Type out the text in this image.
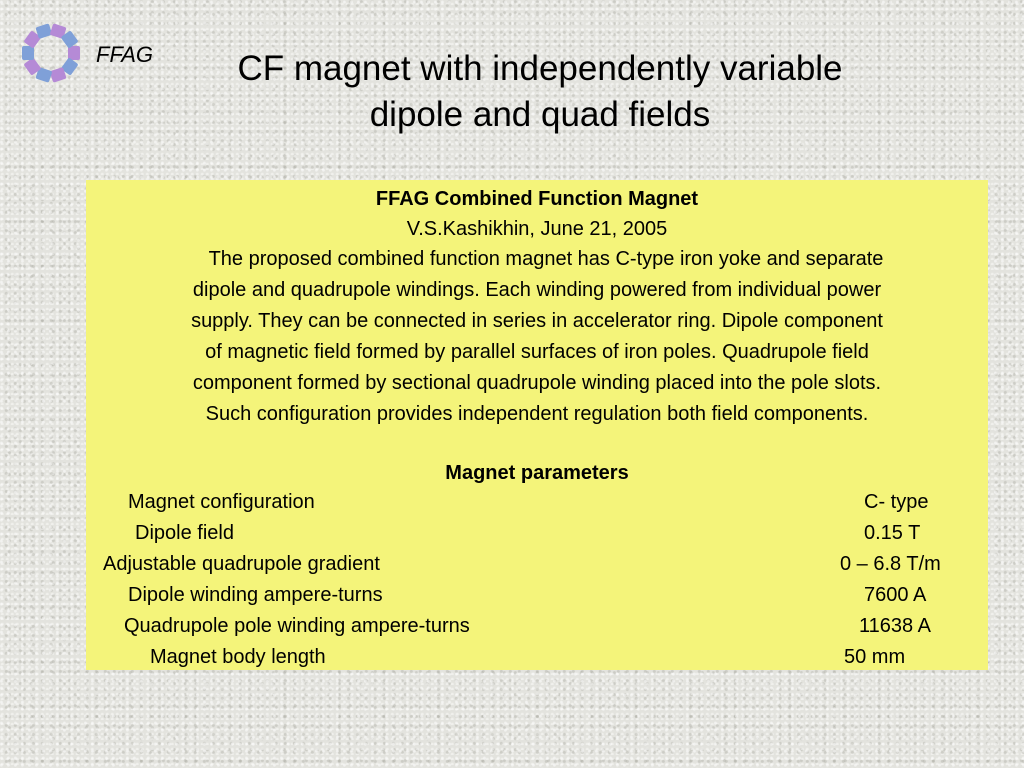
FFAG	CF magnet with independently variable
dipole and quad fields
FFAG Combined Function Magnet
V.S.Kashikhin, June 21, 2005

The proposed combined function magnet has C-type iron yoke and separate
dipole and quadrupole windings. Each winding powered from individual power
supply. They can be connected in series in accelerator ring. Dipole component
of magnetic field formed by parallel surfaces of iron poles. Quadrupole field
component formed by sectional quadrupole winding placed into the pole slots.
Such configuration provides independent regulation both field components.

Magnet parameters
Magnet configuration	C- type
Dipole field	0.15 T
Adjustable quadrupole gradient	0 – 6.8 T/m
Dipole winding ampere-turns	7600 A
Quadrupole pole winding ampere-turns	11638 A
Magnet body length	50 mm
